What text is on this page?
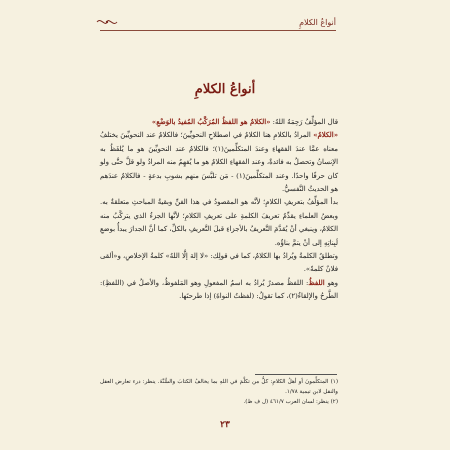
أنواعُ الكلامِ
أنواعُ الكلامِ

قال المؤلِّفُ رَحِمَهُ اللهُ: «الكلامُ هو اللفظُ المُرَكَّبُ المُفيدُ بالوَضْعِ»

«الكلامُ» المرادُ بالكلامِ هنا الكلامُ في اصطلاحِ النحويِّينَ؛ فالكلامُ عند النحويِّينَ يختلفُ معناه عمَّا عندَ الفقهاءِ وعندَ المتكلِّمينَ(١)؛ فالكلامُ عند النحويِّينَ هو ما يُلفَظُ به الإنسانُ وتحصلُ به فائدةٌ، وعند الفقهاءِ الكلامُ هو ما يُفهِمُ منه المرادُ ولو قلَّ حتَّى ولو كان حرفًا واحدًا. وعند المتكلِّمينَ(١) - مَن تلبَّسَ منهم بشوبِ بدعةٍ - فالكلامُ عندَهم هو الحديثُ النَّفسيُّ.

بدأ المؤلِّفُ بتعريفِ الكلامِ؛ لأنَّه هو المقصودُ في هذا الفنِّ وبقيةُ المباحثِ متعلقةٌ به. وبعضُ العلماءِ يقدِّمُ تعريفَ الكلمةِ على تعريفِ الكلامِ؛ لأنَّها الجزءُ الذي يتركَّبُ منه الكلامُ، وينبغي أنْ يُقدَّمَ التَّعريفُ بالأجزاءِ قبلَ التَّعريفِ بالكلِّ، كما أنَّ الجدارَ يبدأُ بوضعِ لَبِناتِهِ إلى أنْ يتمَّ بناؤُه.

وتطلقُ الكلمةُ ويُرادُ بها الكلامُ، كما في قولِك: «لا إلهَ إلَّا اللهُ» كلمةُ الإخلاصِ، و«ألقى فلانٌ كلمةً».

وهو اللفظُ: اللفظُ مصدرٌ يُرادُ به اسمُ المفعولِ وهو المَلفوظُ، والأصلُ في (اللفظِ): الطَّرحُ والإلقاءُ(٢)، كما تقولُ: (لفظتُ النواةَ) إذا طرحتَها.

(١) المتكلِّمونَ أو أهلُ الكلامِ: كلُّ من تكلَّمَ في اللهِ بما يخالفُ الكتابَ والسُّنَّةَ. ينظر: درء تعارض العقل والنقل لابن تيمية ١/٧٨.

(٢) ينظر: لسان العرب ٤٦١/٧ (ل ف ظ).

٢٣
